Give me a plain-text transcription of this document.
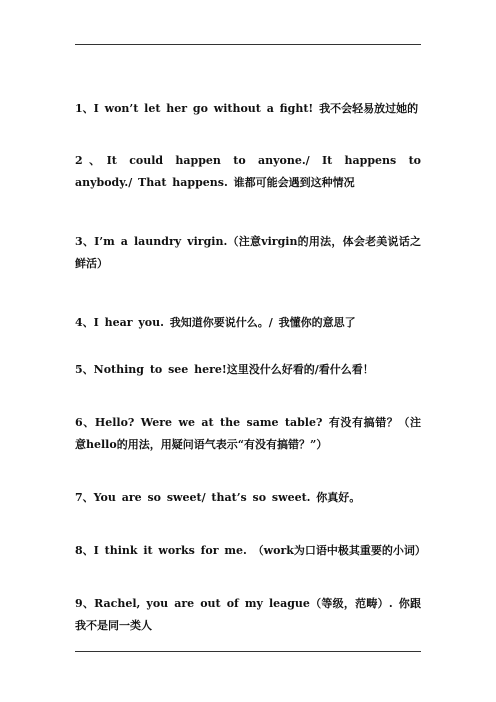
1、I won’t let her go without a fight! 我不会轻易放过她的
2、It could happen to anyone./ It happens to anybody./ That happens. 谁都可能会遇到这种情况
3、I’m a laundry virgin.（注意virgin的用法，体会老美说话之鲜活）
4、I hear you. 我知道你要说什么。/ 我懂你的意思了
5、Nothing to see here!这里没什么好看的/看什么看！
6、Hello? Were we at the same table? 有没有搞错？（注意hello的用法，用疑问语气表示“有没有搞错？”）
7、You are so sweet/ that’s so sweet. 你真好。
8、I think it works for me. （work为口语中极其重要的小词）
9、Rachel, you are out of my league（等级，范畴）. 你跟我不是同一类人
